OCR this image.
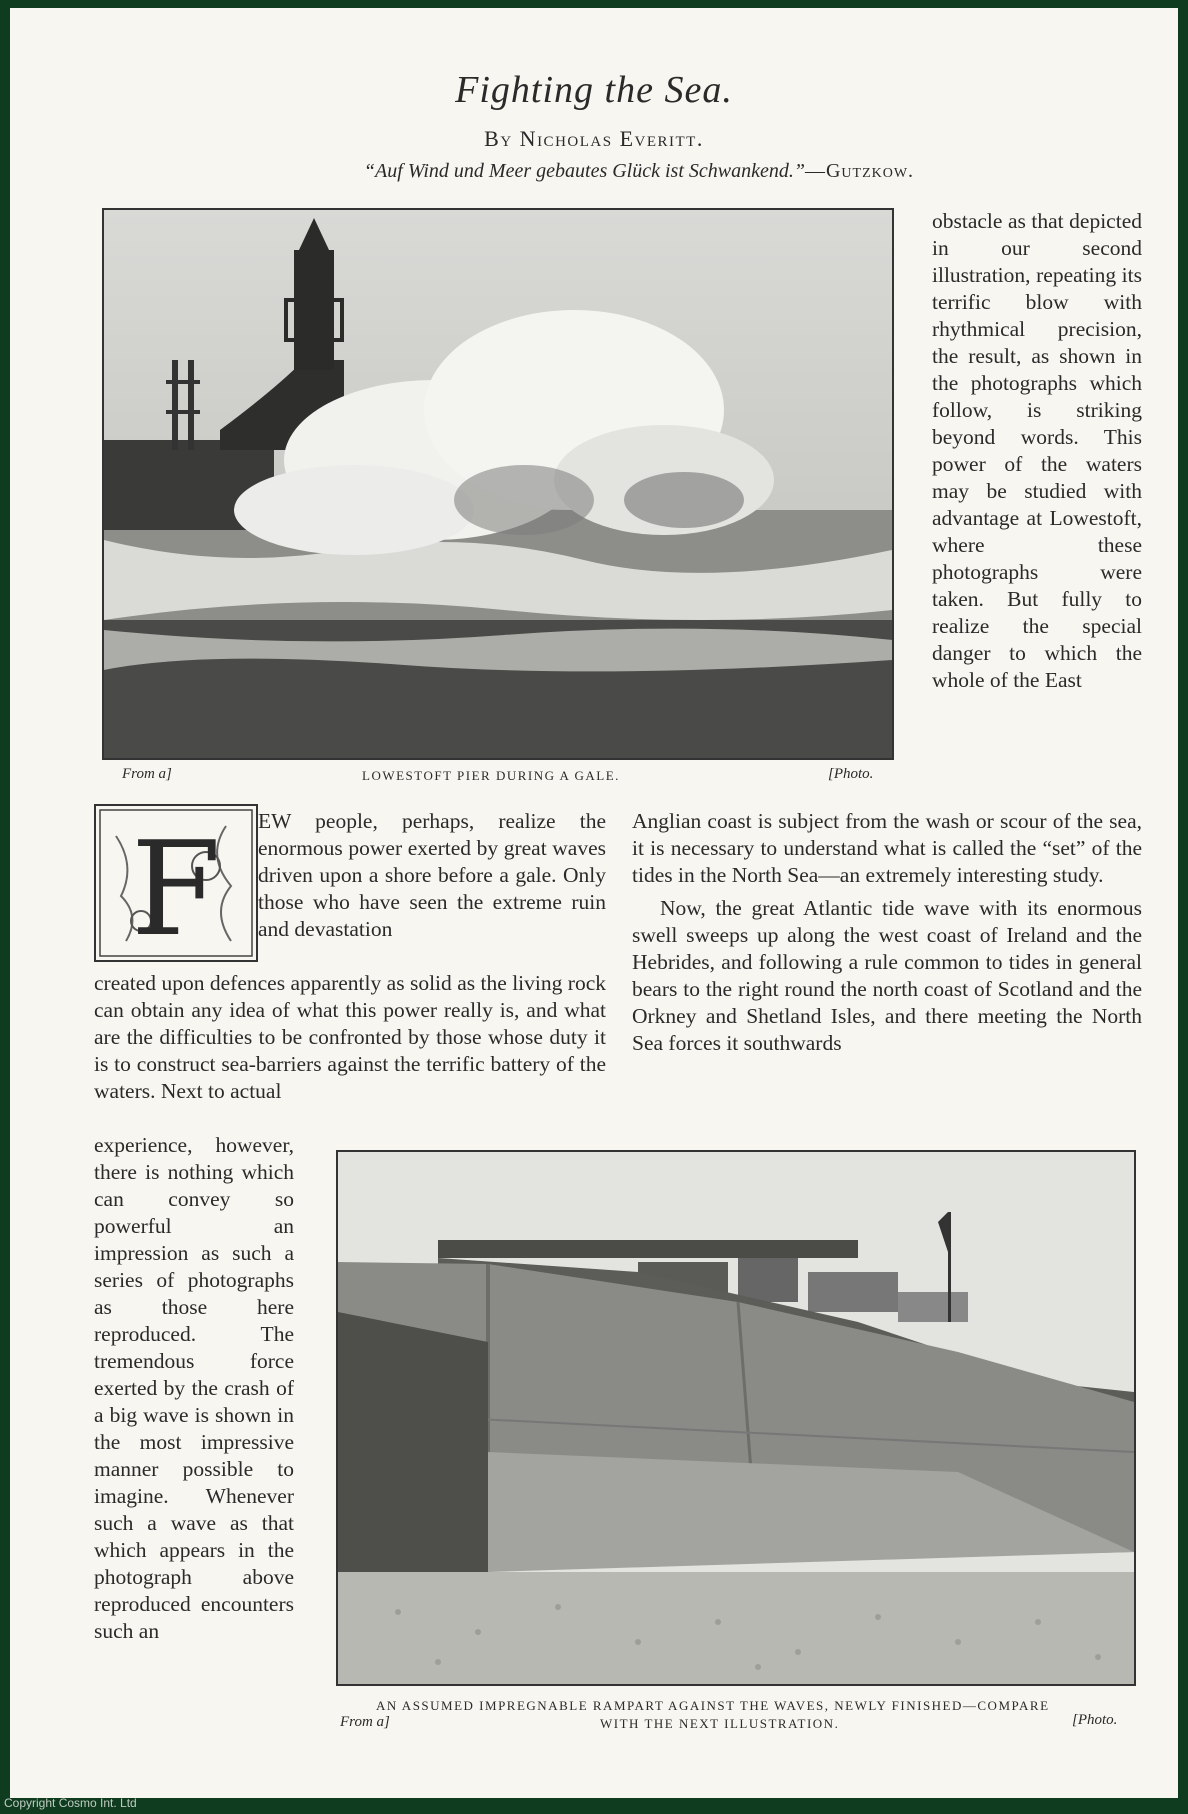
Fighting the Sea.
By Nicholas Everitt.
“Auf Wind und Meer gebautes Glück ist Schwankend.”—Gutzkow.
From a]	LOWESTOFT PIER DURING A GALE.	[Photo.

obstacle as that depicted in our second illustration, repeating its terrific blow with rhythmical precision, the result, as shown in the photographs which follow, is striking beyond words. This power of the waters may be studied with advantage at Lowestoft, where these photographs were taken. But fully to realize the special danger to which the whole of the East

F EW people, perhaps, realize the enormous power exerted by great waves driven upon a shore before a gale. Only those who have seen the extreme ruin and devastation

created upon defences apparently as solid as the living rock can obtain any idea of what this power really is, and what are the difficulties to be confronted by those whose duty it is to construct sea-barriers against the terrific battery of the waters. Next to actual

Anglian coast is subject from the wash or scour of the sea, it is necessary to understand what is called the “set” of the tides in the North Sea—an extremely interesting study.

Now, the great Atlantic tide wave with its enormous swell sweeps up along the west coast of Ireland and the Hebrides, and following a rule common to tides in general bears to the right round the north coast of Scotland and the Orkney and Shetland Isles, and there meeting the North Sea forces it southwards

experience, however, there is nothing which can convey so powerful an impression as such a series of photographs as those here reproduced. The tremendous force exerted by the crash of a big wave is shown in the most impressive manner possible to imagine. Whenever such a wave as that which appears in the photograph above reproduced encounters such an

AN ASSUMED IMPREGNABLE RAMPART AGAINST THE WAVES, NEWLY FINISHED—COMPARE
WITH THE NEXT ILLUSTRATION.
From a]	[Photo.
Copyright Cosmo Int. Ltd
